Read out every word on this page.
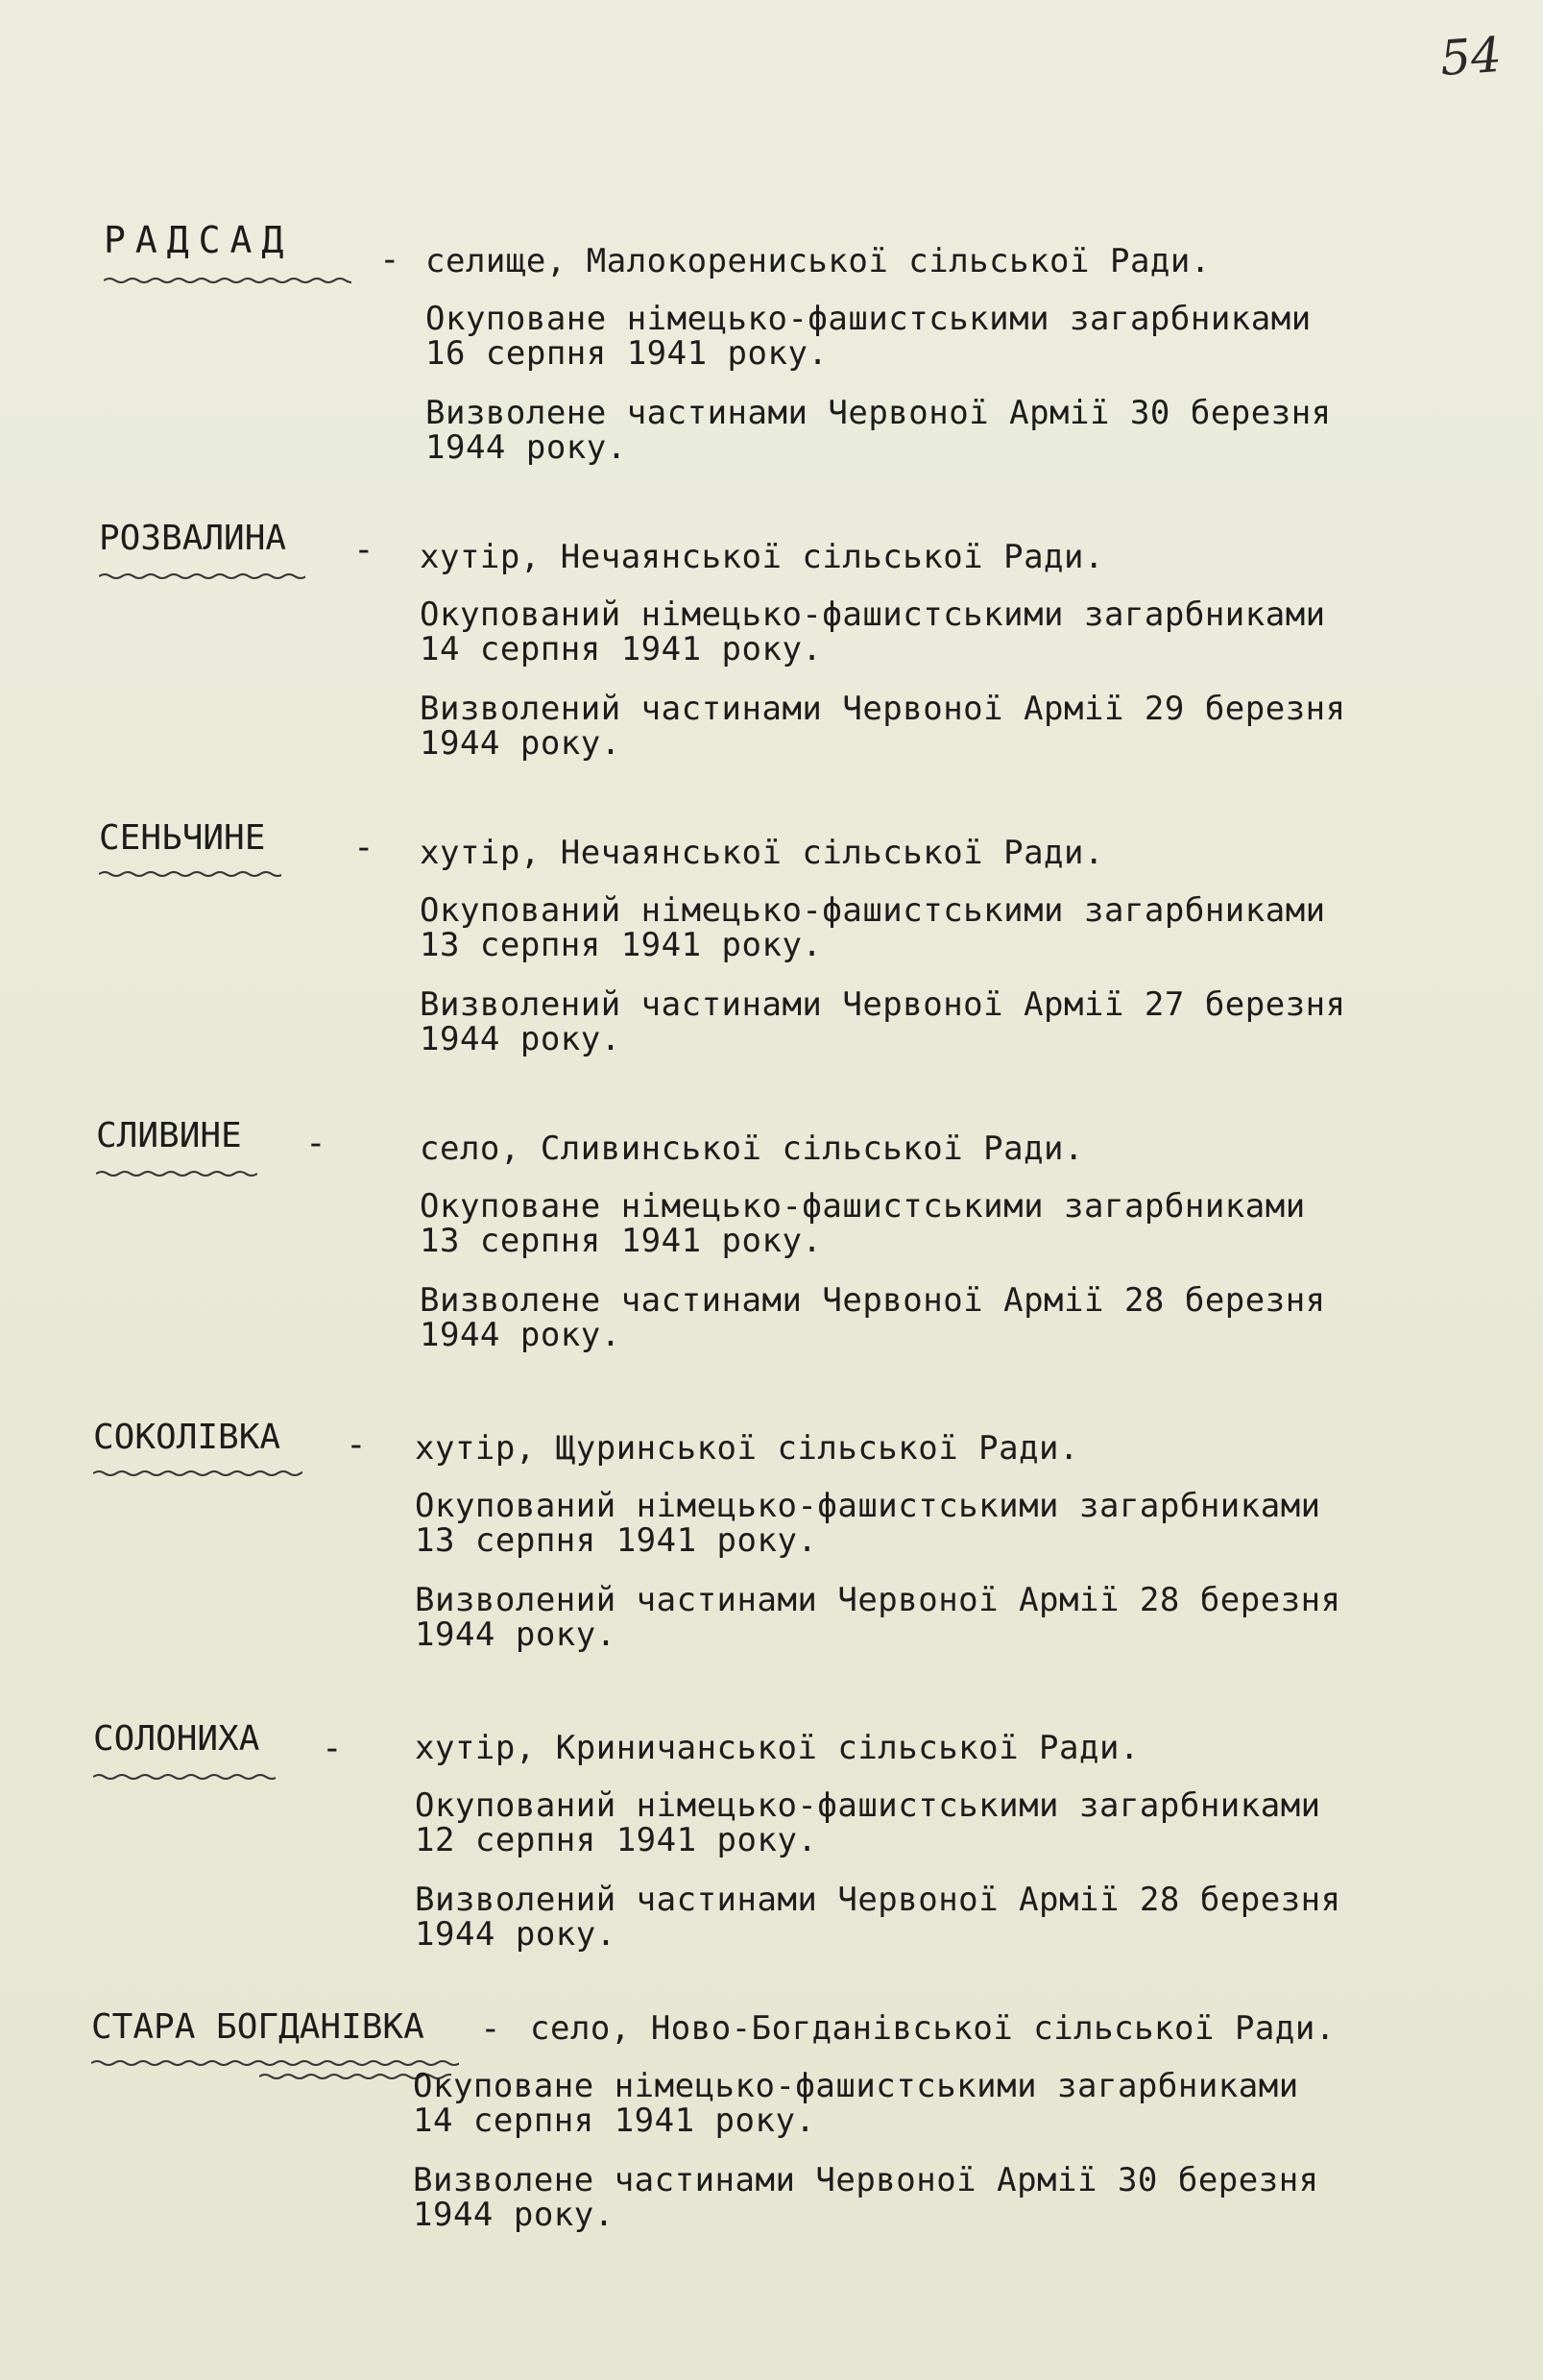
54
РАДСАД - селище, Малокорениської сільської Ради.
Окуповане німецько-фашистськими загарбниками
16 серпня 1941 року.
Визволене частинами Червоної Армії 30 березня
1944 року.
РОЗВАЛИНА - хутір, Нечаянської сільської Ради.
Окупований німецько-фашистськими загарбниками
14 серпня 1941 року.
Визволений частинами Червоної Армії 29 березня
1944 року.
СЕНЬЧИНЕ	- хутір, Нечаянської сільської Ради.
Окупований німецько-фашистськими загарбниками
13 серпня 1941 року.
Визволений частинами Червоної Армії 27 березня
1944 року.
СЛИВИНЕ -	село, Сливинської сільської Ради.
Окуповане німецько-фашистськими загарбниками
13 серпня 1941 року.
Визволене частинами Червоної Армії 28 березня
1944 року.
СОКОЛІВКА - хутір, Щуринської сільської Ради.
Окупований німецько-фашистськими загарбниками
13 серпня 1941 року.
Визволений частинами Червоної Армії 28 березня
1944 року.
СОЛОНИХА - хутір, Криничанської сільської Ради.
Окупований німецько-фашистськими загарбниками
12 серпня 1941 року.
Визволений частинами Червоної Армії 28 березня
1944 року.
СТАРА БОГДАНІВКА - село, Ново-Богданівської сільської Ради.
Окуповане німецько-фашистськими загарбниками
14 серпня 1941 року.
Визволене частинами Червоної Армії 30 березня
1944 року.
